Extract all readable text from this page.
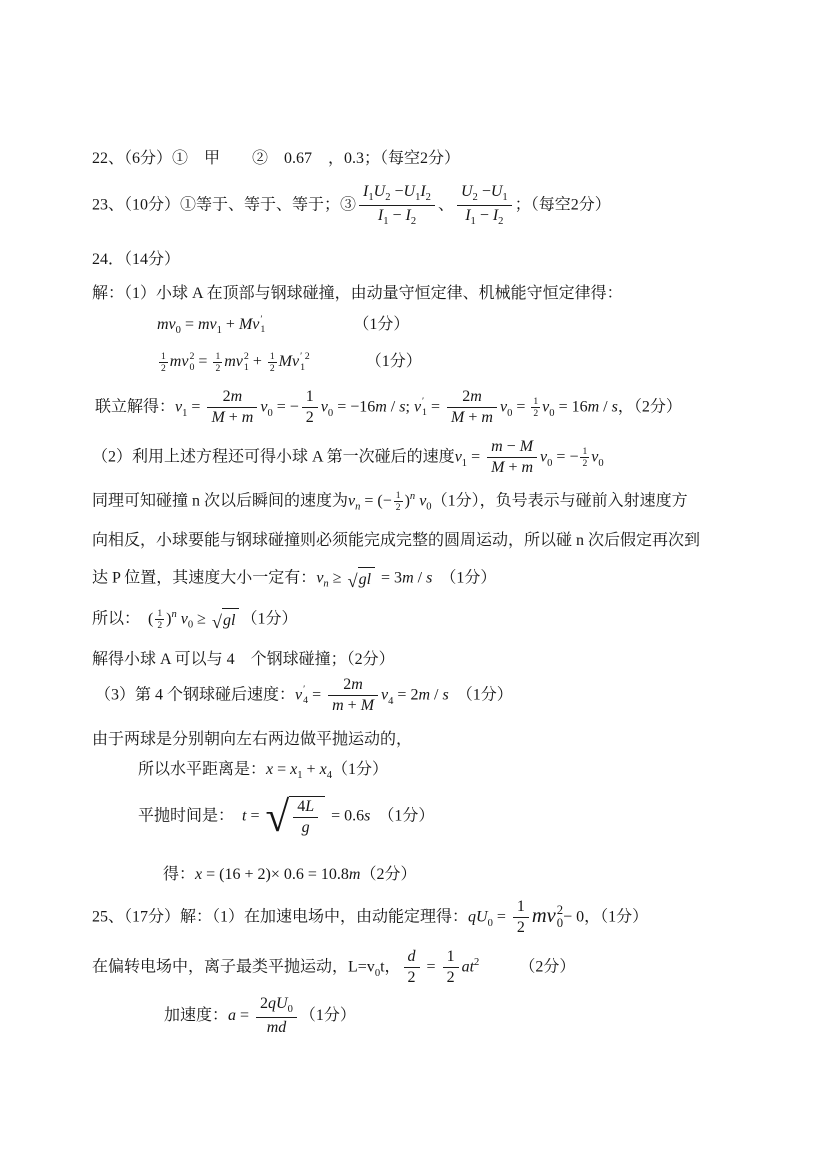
22、（6分）①　甲　　②　0.67　，0.3；（每空2分）

23、（10分）①等于、等于、等于；③ $\frac{I_1U_2 -U_1I_2}{I_1 - I_2}$ 、 $\frac{U_2 -U_1}{I_1 - I_2}$ ；（每空2分）

24．（14分）

解：（1）小球 A 在顶部与钢球碰撞，由动量守恒定律、机械能守恒定律得：

$mv_0 = mv_1 + Mv$ ′
1 　　　　　　（1分）

$\frac{1}{2}$ mv 2
$0 = \frac{1}{2}$ mv 2
$1 + \frac{1}{2}$ Mv ′ 2
1 　　　　（1分）

联立解得：$v_1 = \frac{2m}{M + m} v_0$ = − $\frac{1}{2} v_0 = -16m / s$; v ′
$1 = \frac{2m}{M + m} v_0 = \frac{1}{2} v_0 = 16m / s$，（2分）

（2）利用上述方程还可得小球 A 第一次碰后的速度$v_1 = \frac{m - M}{M + m} v_0$ = − $\frac{1}{2} v_0$

同理可知碰撞 n 次以后瞬间的速度为$v_n$ = (− $\frac{1}{2} )^n$ $v_0(1$分），负号表示与碰前入射速度方

向相反，小球要能与钢球碰撞则必须能完成完整的圆周运动，所以碰 n 次后假定再次到

达 P 位置，其速度大小一定有：$v_n$ ≥ √ gl = 3m / s　（1分）

所以：　( $\frac{1}{2} )^n$ $v_0$ ≥ √ gl （1分）

解得小球 A 可以与 4　个钢球碰撞；（2分）

（3）第 4 个钢球碰后速度：v ′
$4 = \frac{2m}{m + M} v_4 = 2m / s$　（1分）

由于两球是分别朝向左右两边做平抛运动的，

所以水平距离是：$x = x_1 + x_4(1$分）

平抛时间是：　t = √ $\frac{4L}{g} = 0.6s$　（1分）

得：x = (16 + 2)× 0.6 = 10.8m（2分）

25、（17分）解：（1）在加速电场中，由动能定理得：$qU_0 = \frac{1}{2}$ mv 2
0 − 0，（1分）

在偏转电场中，离子最类平抛运动，$L=v_0t$， $\frac{d}{2} = \frac{1}{2} at^2$　　　（2分）

加速度：$a = \frac{2qU_0}{md} (1$分）
